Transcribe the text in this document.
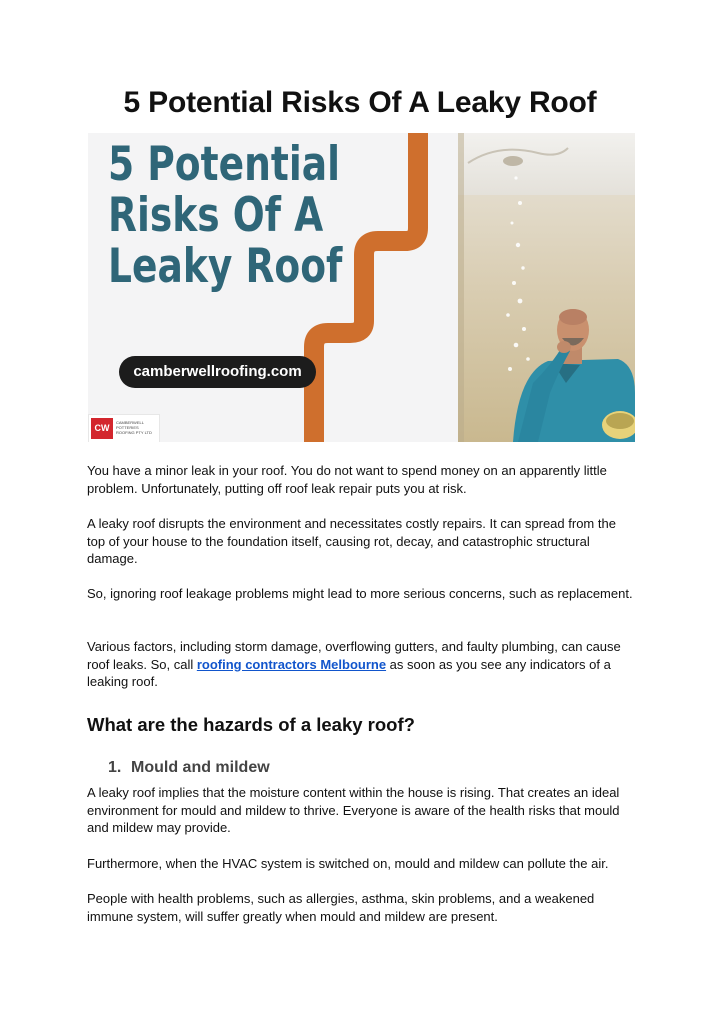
5 Potential Risks Of A Leaky Roof
5 Potential
Risks Of A
Leaky Roof
camberwellroofing.com
CW
CAMBERWELL POTTERIES ROOFING PTY LTD
You have a minor leak in your roof. You do not want to spend money on an apparently little problem. Unfortunately, putting off roof leak repair puts you at risk.
A leaky roof disrupts the environment and necessitates costly repairs. It can spread from the top of your house to the foundation itself, causing rot, decay, and catastrophic structural damage.
So, ignoring roof leakage problems might lead to more serious concerns, such as replacement.
Various factors, including storm damage, overflowing gutters, and faulty plumbing, can cause roof leaks. So, call roofing contractors Melbourne as soon as you see any indicators of a leaking roof.
What are the hazards of a leaky roof?
1. Mould and mildew
A leaky roof implies that the moisture content within the house is rising. That creates an ideal environment for mould and mildew to thrive. Everyone is aware of the health risks that mould and mildew may provide.
Furthermore, when the HVAC system is switched on, mould and mildew can pollute the air.
People with health problems, such as allergies, asthma, skin problems, and a weakened immune system, will suffer greatly when mould and mildew are present.
